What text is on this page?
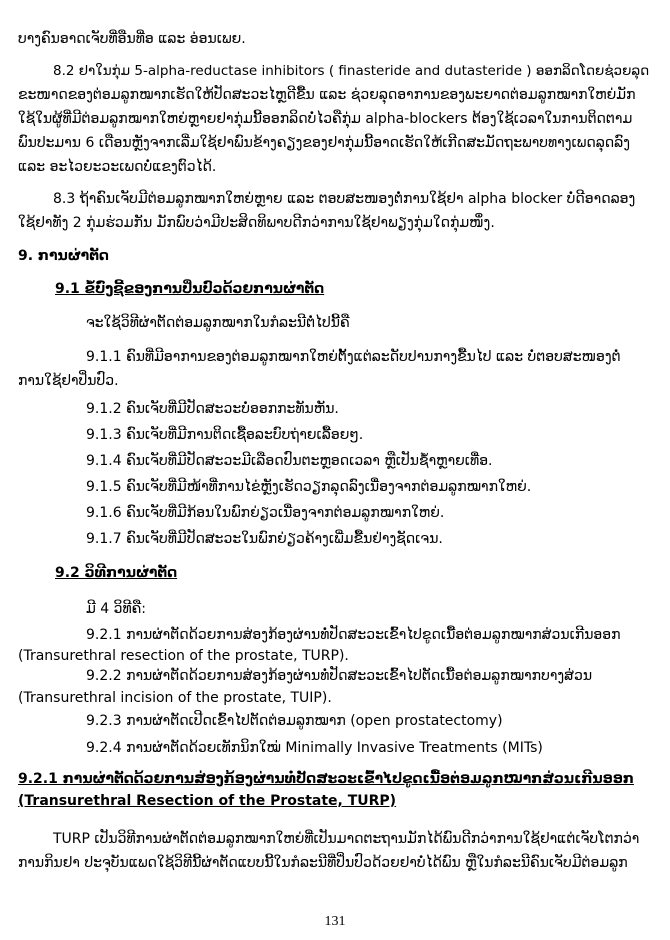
ບາງຄົນອາດເຈັບທີ່ອືນທີ່ອ ແລະ ອ່ອນເພຍ.
8.2 ຢາໃນກຸ່ມ 5-alpha-reductase inhibitors ( finasteride and dutasteride ) ອອກລິດໂດຍຊ່ວຍລຸດ
ຂະໜາດຂອງຕ່ອມລູກໝາກເຮັດໃຫ້ປັດສະວະໄຫຼດີຂື້ນ ແລະ ຊ່ວຍລຸດອາການຂອງພະຍາດຕ່ອມລູກໝາກໃຫຍ່ມັກ
ໃຊ້ໃນຜູ້ທີ່ມີຕ່ອມລູກໝາກໃຫຍ່ຫຼາຍຢາກຸ່ມນີ້ອອກລິດບໍ່ໄວຄືກຸ່ມ alpha-blockers ຕ້ອງໃຊ້ເວລາໃນການຕິດຕາມ
ພົນປະມານ 6 ເດືອນຫຼັງຈາກເລີ່ມໃຊ້ຢາພົນຂ້າງຄຽງຂອງຢາກຸ່ມນີ້ອາດເຮັດໃຫ້ເກີດສະມັດຖະພາບທາງເພດລຸດລົງ
ແລະ ອະໄວຍະວະເພດບໍ່ແຂງຕົວໄດ້.
8.3 ຖ້າຄົນເຈັບມີຕ່ອມລູກໝາກໃຫຍ່ຫຼາຍ ແລະ ຕອບສະໜອງຕໍ່ການໃຊ້ຢາ alpha blocker ບໍ່ດີອາດລອງ
ໃຊ້ຢາທັງ 2 ກຸ່ມຮ່ວມກັນ ມັກພົບວ່າມີປະສິດທິພາບດີກວ່າການໃຊ້ຢາພຽງກຸ່ມໃດກຸ່ມໜຶ່ງ.
9. ການຜ່າຕັດ
9.1 ຂໍ້ບົ່ງຊີ້ຂອງການປິ່ນປົວດ້ວຍການຜ່າຕັດ
ຈະໃຊ້ວິທີຜ່າຕັດຕ່ອມລູກໝາກໃນກໍລະນີຕໍ່ໄປນີ້ຄື
9.1.1 ຄົນທີ່ມີອາການຂອງຕ່ອມລູກໝາກໃຫຍ່ຕັ້ງແຕ່ລະດັບປານກາງຂື້ນໄປ ແລະ ບໍ່ຕອບສະໜອງຕໍ່
ການໃຊ້ຢາປິ່ນປົວ.
9.1.2 ຄົນເຈັບທີ່ມີປັດສະວະບໍ່ອອກກະທັນຫັນ.
9.1.3 ຄົນເຈັບທີ່ມີການຕິດເຊື້ອລະບົບຖ່າຍເລື້ອຍໆ.
9.1.4 ຄົນເຈັບທີ່ມີປັດສະວະມີເລືອດປົນຕະຫຼອດເວລາ ຫຼືເປັນຊ້ຳຫຼາຍເທື່ອ.
9.1.5 ຄົນເຈັບທີ່ມີໜ້າທີ່ການໄຂ່ຫຼັງເຮັດວຽກລຸດລົງເນື່ອງຈາກຕ່ອມລູກໝາກໃຫຍ່.
9.1.6 ຄົນເຈັບທີ່ມີກ້ອນໃນພົກຍ່ຽວເນື່ອງຈາກຕ່ອມລູກໝາກໃຫຍ່.
9.1.7 ຄົນເຈັບທີ່ມີປັດສະວະໃນພົກຍ່ຽວຄ້າງເພີ່ມຂື້ນຢ່າງຊັດເຈນ.
9.2 ວິທີການຜ່າຕັດ
ມີ 4 ວິທີຄື:
9.2.1 ການຜ່າຕັດດ້ວຍການສ່ອງກ້ອງຜ່ານທໍ່ປັດສະວະເຂົ້າໄປຂູດເນື້ອຕ່ອມລູກໝາກສ່ວນເກີນອອກ
(Transurethral resection of the prostate, TURP).
9.2.2 ການຜ່າຕັດດ້ວຍການສ່ອງກ້ອງຜ່ານທໍ່ປັດສະວະເຂົ້າໄປຕັດເນື້ອຕ່ອມລູກໝາກບາງສ່ວນ
(Transurethral incision of the prostate, TUIP).
9.2.3 ການຜ່າຕັດເປີດເຂົ້າໄປຕັດຕ່ອມລູກໝາກ (open prostatectomy)
9.2.4 ການຜ່າຕັດດ້ວຍເທັກນິກໃໝ່ Minimally Invasive Treatments (MITs)
9.2.1 ການຜ່າຕັດດ້ວຍການສ່ອງກ້ອງຜ່ານທໍ່ປັດສະວະເຂົ້າໄປຂູດເນື້ອຕ່ອມລູກໝາກສ່ວນເກີນອອກ
(Transurethral Resection of the Prostate, TURP)
TURP ເປັນວິທີການຜ່າຕັດຕ່ອມລູກໝາກໃຫຍ່ທີ່ເປັນມາດຕະຖານມັກໄດ້ພົນດີກວ່າການໃຊ້ຢາແຕ່ເຈັບໂຕກວ່າ
ການກິນຢາ ປະຈຸບັນແພດໃຊ້ວິທີນີ້ຜ່າຕັດແບບນີ້ໃນກໍລະນີທີ່ປິ່ນປົວດ້ວຍຢາບໍ່ໄດ້ພົນ ຫຼືໃນກໍລະນີຄົນເຈັບມີຕ່ອມລູກ
131
